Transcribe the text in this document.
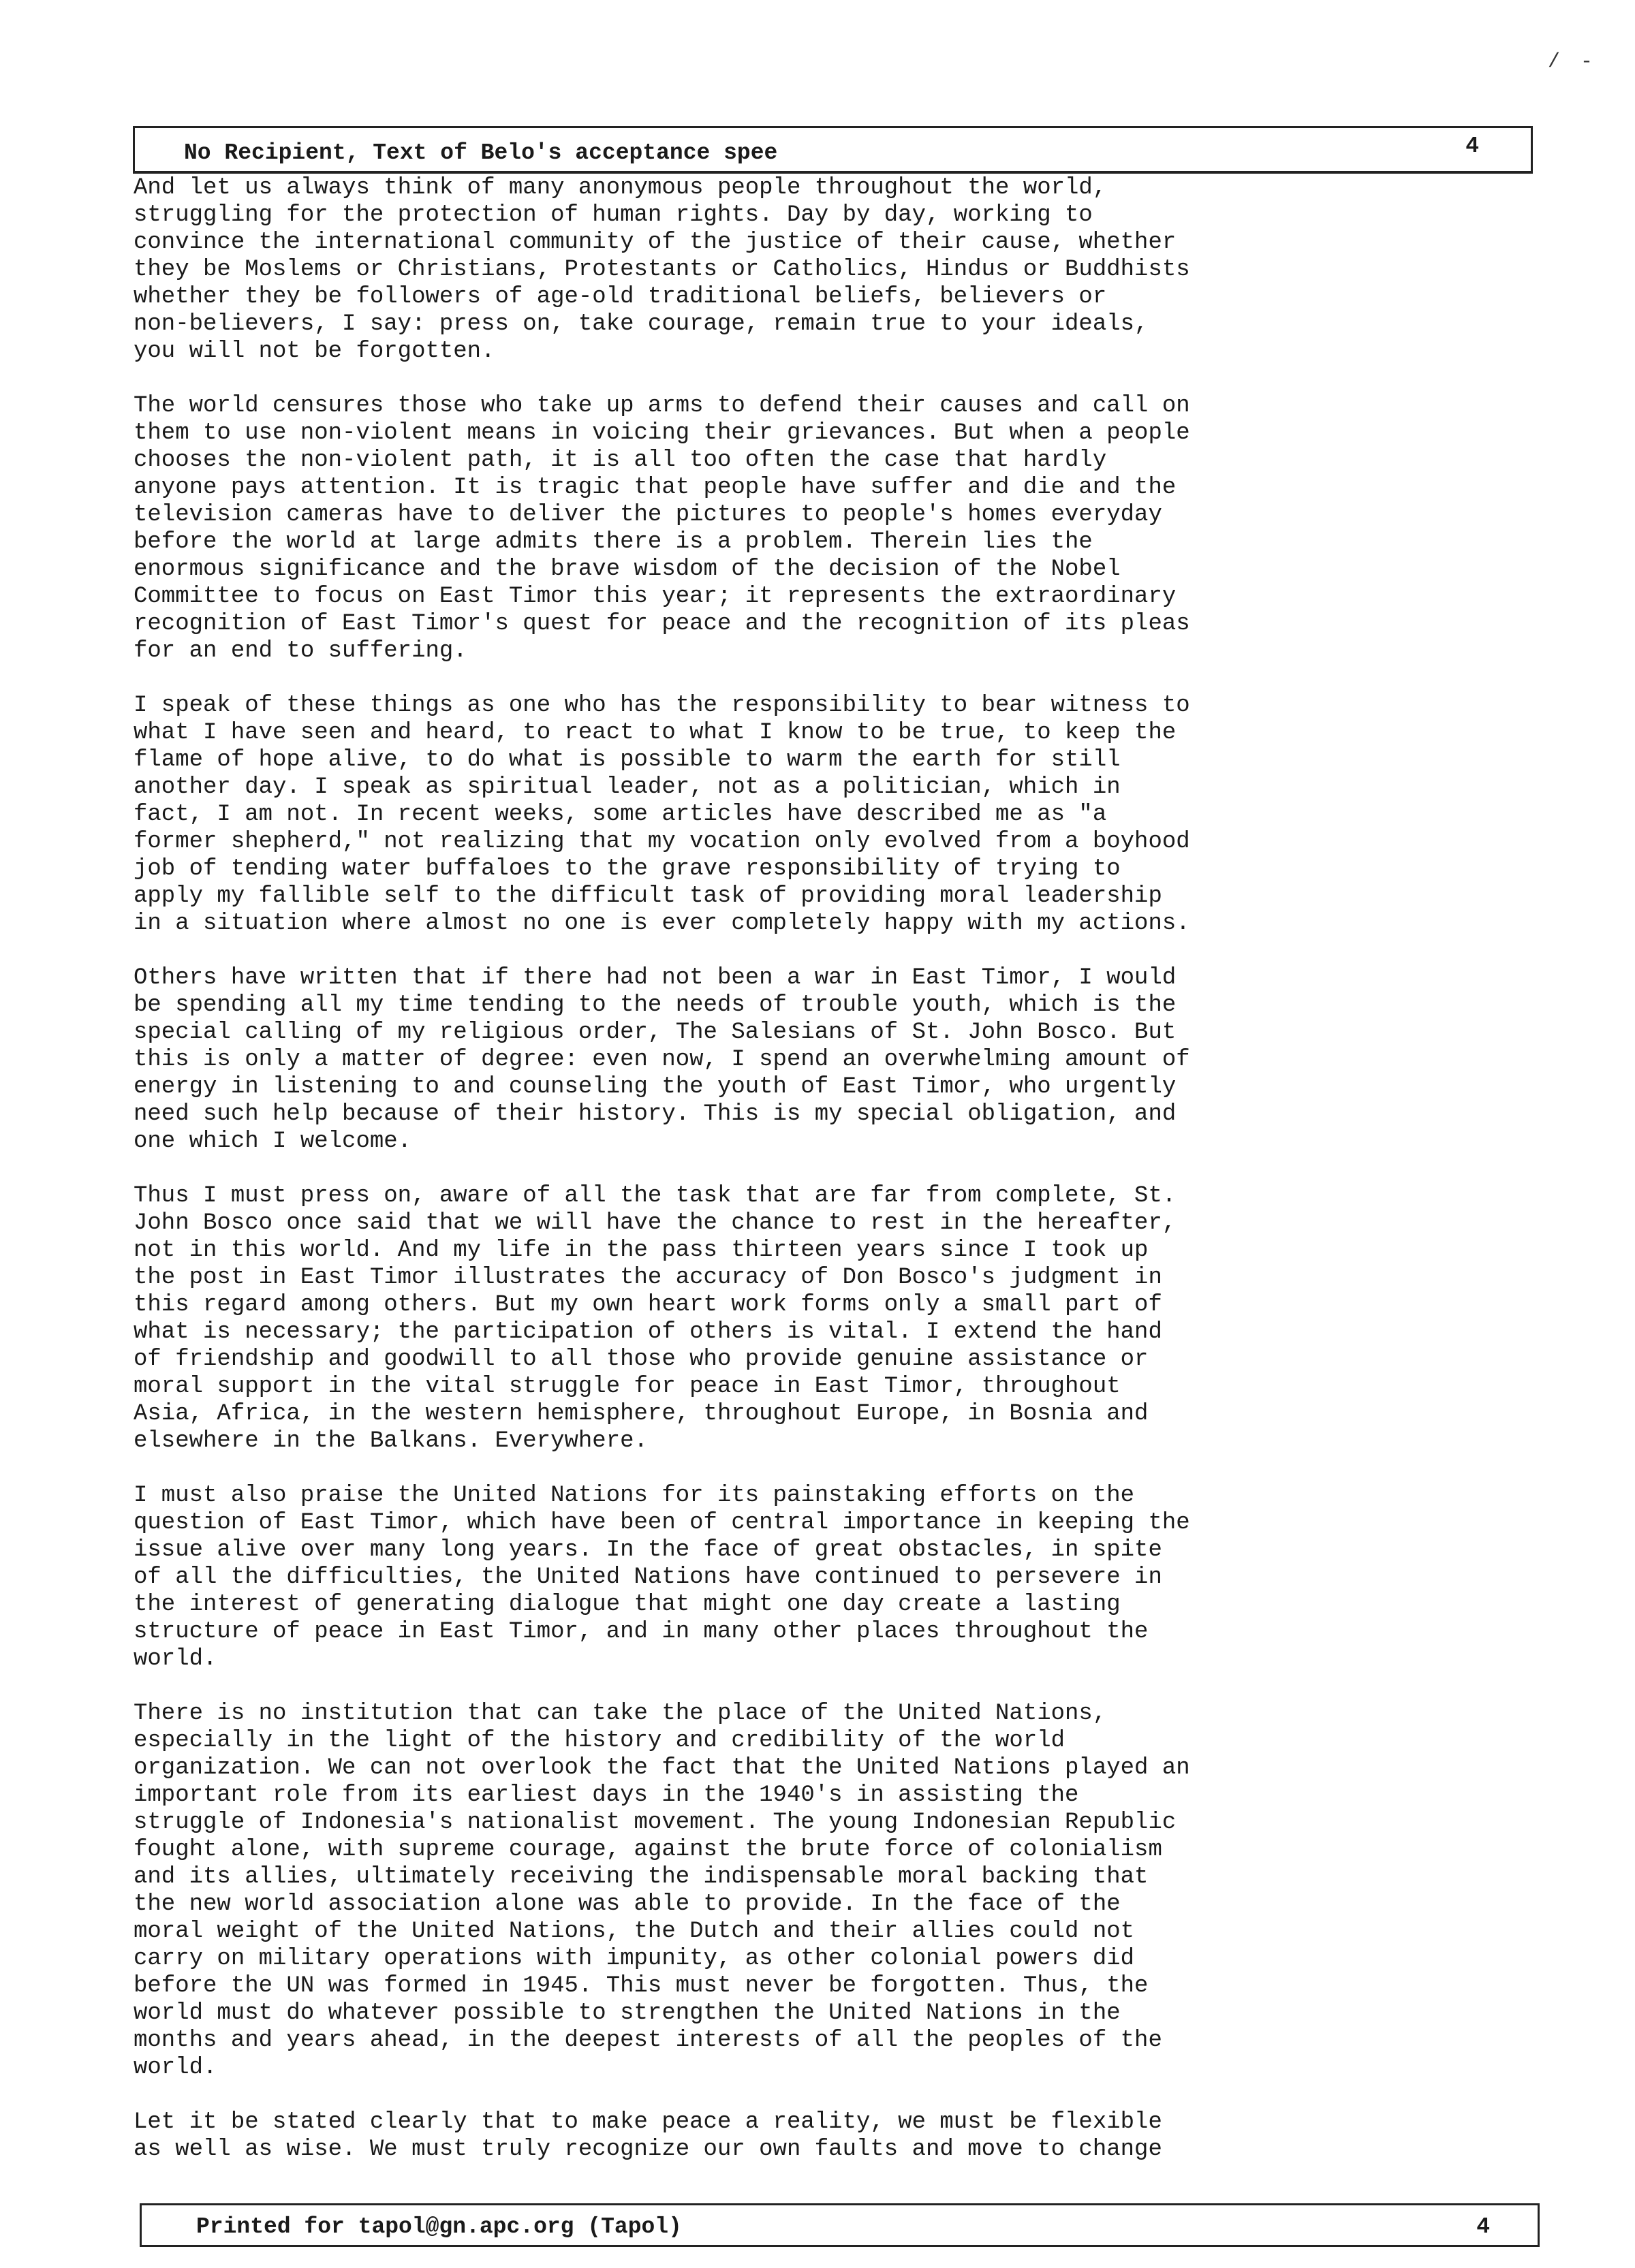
/ -
No Recipient, Text of Belo's acceptance spee	4

And let us always think of many anonymous people throughout the world,
struggling for the protection of human rights. Day by day, working to
convince the international community of the justice of their cause, whether
they be Moslems or Christians, Protestants or Catholics, Hindus or Buddhists
whether they be followers of age-old traditional beliefs, believers or
non-believers, I say: press on, take courage, remain true to your ideals,
you will not be forgotten.

The world censures those who take up arms to defend their causes and call on
them to use non-violent means in voicing their grievances. But when a people
chooses the non-violent path, it is all too often the case that hardly
anyone pays attention. It is tragic that people have suffer and die and the
television cameras have to deliver the pictures to people's homes everyday
before the world at large admits there is a problem. Therein lies the
enormous significance and the brave wisdom of the decision of the Nobel
Committee to focus on East Timor this year; it represents the extraordinary
recognition of East Timor's quest for peace and the recognition of its pleas
for an end to suffering.

I speak of these things as one who has the responsibility to bear witness to
what I have seen and heard, to react to what I know to be true, to keep the
flame of hope alive, to do what is possible to warm the earth for still
another day. I speak as spiritual leader, not as a politician, which in
fact, I am not. In recent weeks, some articles have described me as "a
former shepherd," not realizing that my vocation only evolved from a boyhood
job of tending water buffaloes to the grave responsibility of trying to
apply my fallible self to the difficult task of providing moral leadership
in a situation where almost no one is ever completely happy with my actions.

Others have written that if there had not been a war in East Timor, I would
be spending all my time tending to the needs of trouble youth, which is the
special calling of my religious order, The Salesians of St. John Bosco. But
this is only a matter of degree: even now, I spend an overwhelming amount of
energy in listening to and counseling the youth of East Timor, who urgently
need such help because of their history. This is my special obligation, and
one which I welcome.

Thus I must press on, aware of all the task that are far from complete, St.
John Bosco once said that we will have the chance to rest in the hereafter,
not in this world. And my life in the pass thirteen years since I took up
the post in East Timor illustrates the accuracy of Don Bosco's judgment in
this regard among others. But my own heart work forms only a small part of
what is necessary; the participation of others is vital. I extend the hand
of friendship and goodwill to all those who provide genuine assistance or
moral support in the vital struggle for peace in East Timor, throughout
Asia, Africa, in the western hemisphere, throughout Europe, in Bosnia and
elsewhere in the Balkans. Everywhere.

I must also praise the United Nations for its painstaking efforts on the
question of East Timor, which have been of central importance in keeping the
issue alive over many long years. In the face of great obstacles, in spite
of all the difficulties, the United Nations have continued to persevere in
the interest of generating dialogue that might one day create a lasting
structure of peace in East Timor, and in many other places throughout the
world.

There is no institution that can take the place of the United Nations,
especially in the light of the history and credibility of the world
organization. We can not overlook the fact that the United Nations played an
important role from its earliest days in the 1940's in assisting the
struggle of Indonesia's nationalist movement. The young Indonesian Republic
fought alone, with supreme courage, against the brute force of colonialism
and its allies, ultimately receiving the indispensable moral backing that
the new world association alone was able to provide. In the face of the
moral weight of the United Nations, the Dutch and their allies could not
carry on military operations with impunity, as other colonial powers did
before the UN was formed in 1945. This must never be forgotten. Thus, the
world must do whatever possible to strengthen the United Nations in the
months and years ahead, in the deepest interests of all the peoples of the
world.

Let it be stated clearly that to make peace a reality, we must be flexible
as well as wise. We must truly recognize our own faults and move to change

Printed for tapol@gn.apc.org (Tapol)	4
